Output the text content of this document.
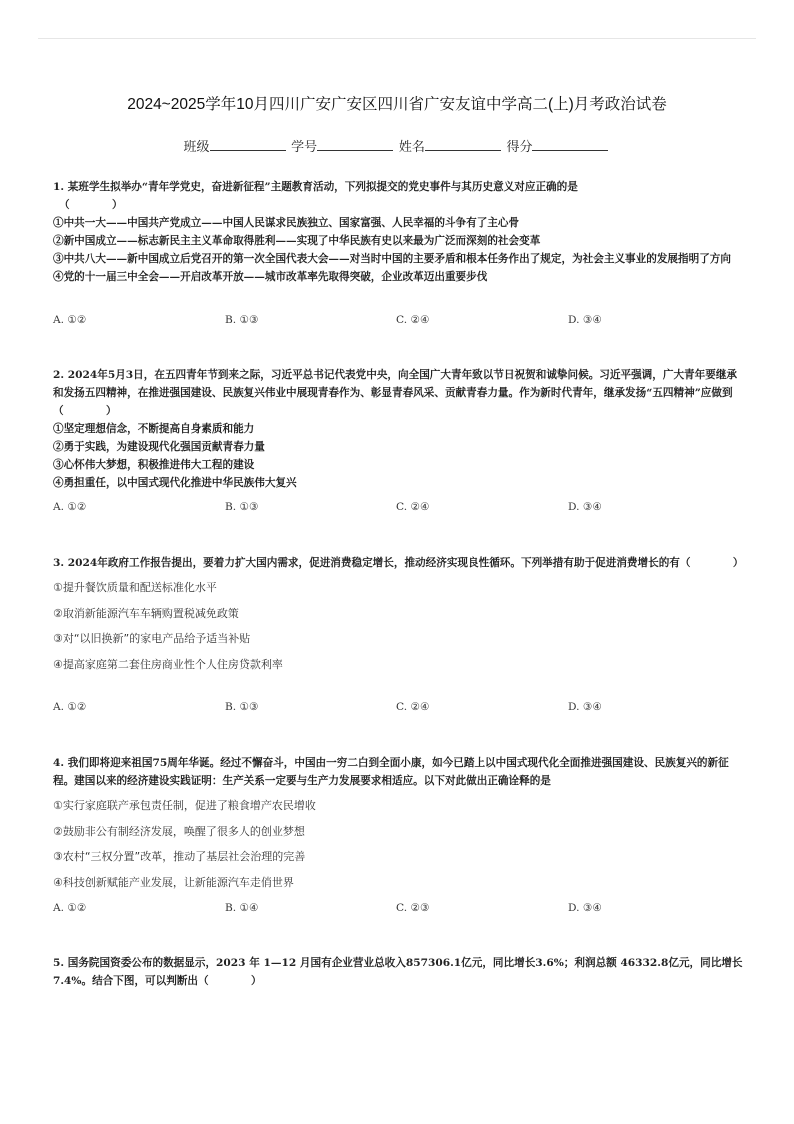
2024~2025学年10月四川广安广安区四川省广安友谊中学高二(上)月考政治试卷
班级	学号	姓名	得分

1. 某班学生拟举办“青年学党史，奋进新征程”主题教育活动，下列拟提交的党史事件与其历史意义对应正确的是

（　　　　）

①中共一大——中国共产党成立——中国人民谋求民族独立、国家富强、人民幸福的斗争有了主心骨

②新中国成立——标志新民主主义革命取得胜利——实现了中华民族有史以来最为广泛而深刻的社会变革

③中共八大——新中国成立后党召开的第一次全国代表大会——对当时中国的主要矛盾和根本任务作出了规定，为社会主义事业的发展指明了方向

④党的十一届三中全会——开启改革开放——城市改革率先取得突破，企业改革迈出重要步伐

A. ①②	B. ①③	C. ②④	D. ③④

2. 2024年5月3日，在五四青年节到来之际，习近平总书记代表党中央，向全国广大青年致以节日祝贺和诚挚问候。习近平强调，广大青年要继承和发扬五四精神，在推进强国建设、民族复兴伟业中展现青春作为、彰显青春风采、贡献青春力量。作为新时代青年，继承发扬“五四精神”应做到（　　　　）

①坚定理想信念，不断提高自身素质和能力

②勇于实践，为建设现代化强国贡献青春力量

③心怀伟大梦想，积极推进伟大工程的建设

④勇担重任，以中国式现代化推进中华民族伟大复兴

A. ①②	B. ①③	C. ②④	D. ③④

3. 2024年政府工作报告提出，要着力扩大国内需求，促进消费稳定增长，推动经济实现良性循环。下列举措有助于促进消费增长的有（　　　　）

①提升餐饮质量和配送标准化水平

②取消新能源汽车车辆购置税减免政策

③对“以旧换新”的家电产品给予适当补贴

④提高家庭第二套住房商业性个人住房贷款利率

A. ①②	B. ①③	C. ②④	D. ③④

4. 我们即将迎来祖国75周年华诞。经过不懈奋斗，中国由一穷二白到全面小康，如今已踏上以中国式现代化全面推进强国建设、民族复兴的新征程。建国以来的经济建设实践证明：生产关系一定要与生产力发展要求相适应。以下对此做出正确诠释的是

①实行家庭联产承包责任制，促进了粮食增产农民增收

②鼓励非公有制经济发展，唤醒了很多人的创业梦想

③农村“三权分置”改革，推动了基层社会治理的完善

④科技创新赋能产业发展，让新能源汽车走俏世界

A. ①②	B. ①④	C. ②③	D. ③④

5. 国务院国资委公布的数据显示，2023 年 1—12 月国有企业营业总收入857306.1亿元，同比增长3.6%；利润总额 46332.8亿元，同比增长7.4%。结合下图，可以判断出（　　　　）
